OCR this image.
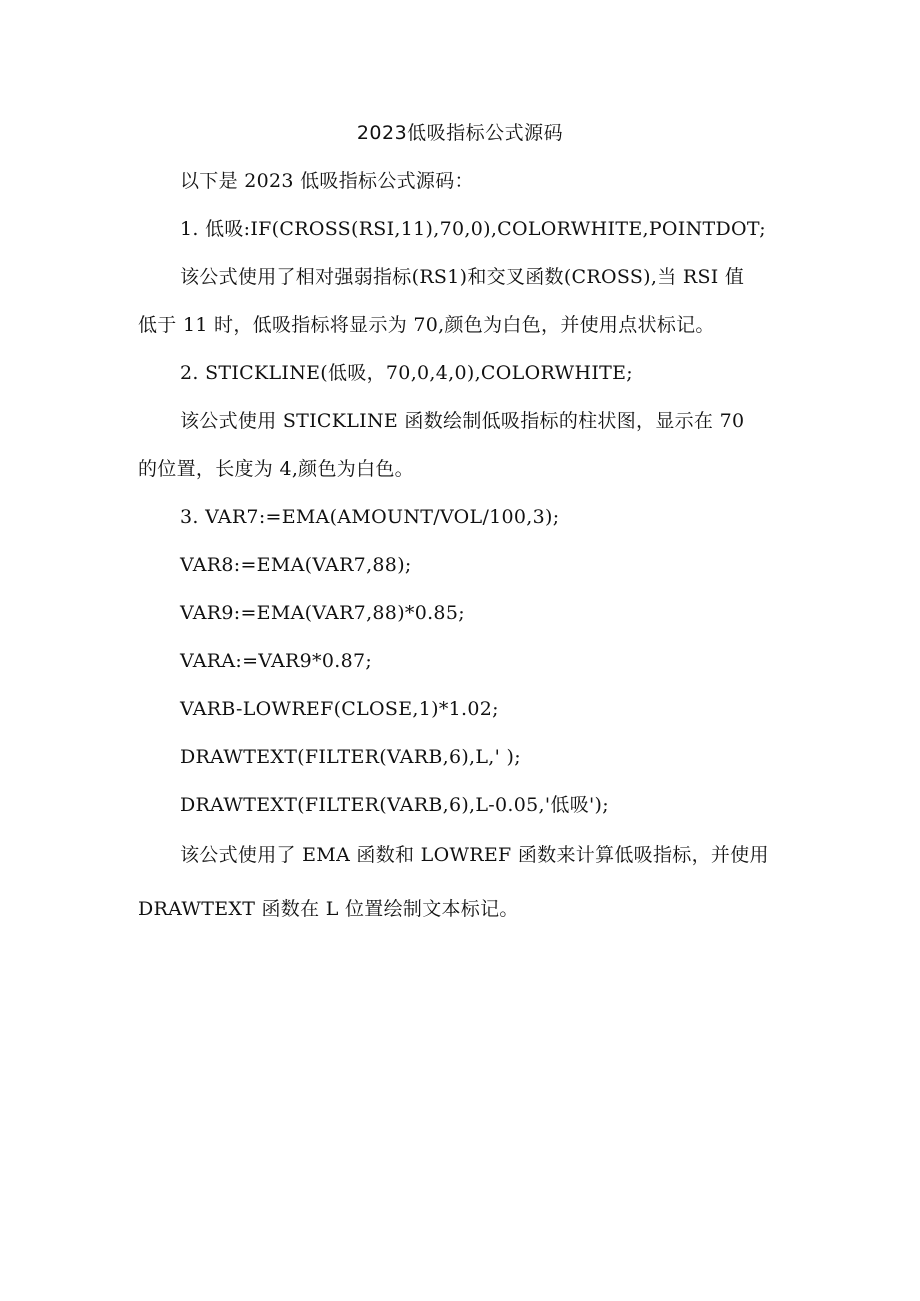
2023低吸指标公式源码
以下是 2023 低吸指标公式源码：
1. 低吸:IF(CROSS(RSI,11),70,0),COLORWHITE,POINTDOT;
该公式使用了相对强弱指标(RS1)和交叉函数(CROSS),当 RSI 值
低于 11 时，低吸指标将显示为 70,颜色为白色，并使用点状标记。
2. STICKLINE(低吸，70,0,4,0),COLORWHITE;
该公式使用 STICKLINE 函数绘制低吸指标的柱状图，显示在 70
的位置，长度为 4,颜色为白色。
3. VAR7:=EMA(AMOUNT/VOL/100,3);
VAR8:=EMA(VAR7,88);
VAR9:=EMA(VAR7,88)*0.85;
VARA:=VAR9*0.87;
VARB-LOWREF(CLOSE,1)*1.02;
DRAWTEXT(FILTER(VARB,6),L,' );
DRAWTEXT(FILTER(VARB,6),L-0.05,'低吸');
该公式使用了 EMA 函数和 LOWREF 函数来计算低吸指标，并使用
DRAWTEXT 函数在 L 位置绘制文本标记。
